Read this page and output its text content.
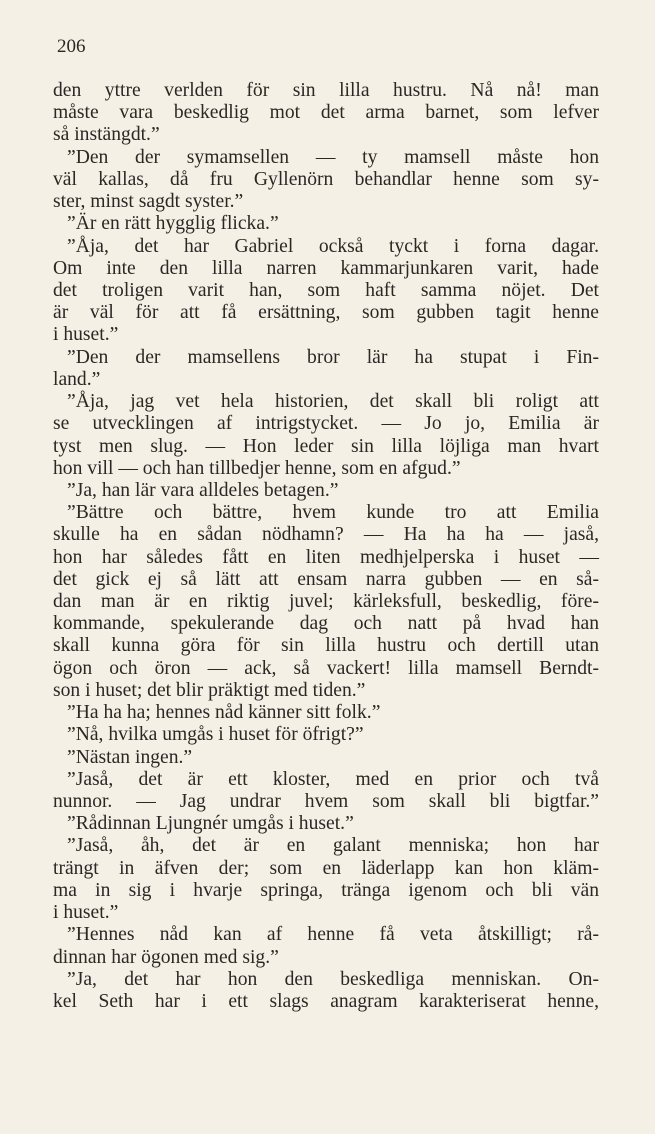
206
den yttre verlden för sin lilla hustru. Nå nå! man
måste vara beskedlig mot det arma barnet, som lefver
så instängdt.”
”Den der symamsellen — ty mamsell måste hon
väl kallas, då fru Gyllenörn behandlar henne som sy-
ster, minst sagdt syster.”
”Är en rätt hygglig flicka.”
”Åja, det har Gabriel också tyckt i forna dagar.
Om inte den lilla narren kammarjunkaren varit, hade
det troligen varit han, som haft samma nöjet. Det
är väl för att få ersättning, som gubben tagit henne
i huset.”
”Den der mamsellens bror lär ha stupat i Fin-
land.”
”Åja, jag vet hela historien, det skall bli roligt att
se utvecklingen af intrigstycket. — Jo jo, Emilia är
tyst men slug. — Hon leder sin lilla löjliga man hvart
hon vill — och han tillbedjer henne, som en afgud.”
”Ja, han lär vara alldeles betagen.”
”Bättre och bättre, hvem kunde tro att Emilia
skulle ha en sådan nödhamn? — Ha ha ha — jaså,
hon har således fått en liten medhjelperska i huset —
det gick ej så lätt att ensam narra gubben — en så-
dan man är en riktig juvel; kärleksfull, beskedlig, före-
kommande, spekulerande dag och natt på hvad han
skall kunna göra för sin lilla hustru och dertill utan
ögon och öron — ack, så vackert! lilla mamsell Berndt-
son i huset; det blir präktigt med tiden.”
”Ha ha ha; hennes nåd känner sitt folk.”
”Nå, hvilka umgås i huset för öfrigt?”
”Nästan ingen.”
”Jaså, det är ett kloster, med en prior och två
nunnor. — Jag undrar hvem som skall bli bigtfar.”
”Rådinnan Ljungnér umgås i huset.”
”Jaså, åh, det är en galant menniska; hon har
trängt in äfven der; som en läderlapp kan hon kläm-
ma in sig i hvarje springa, tränga igenom och bli vän
i huset.”
”Hennes nåd kan af henne få veta åtskilligt; rå-
dinnan har ögonen med sig.”
”Ja, det har hon den beskedliga menniskan. On-
kel Seth har i ett slags anagram karakteriserat henne,
